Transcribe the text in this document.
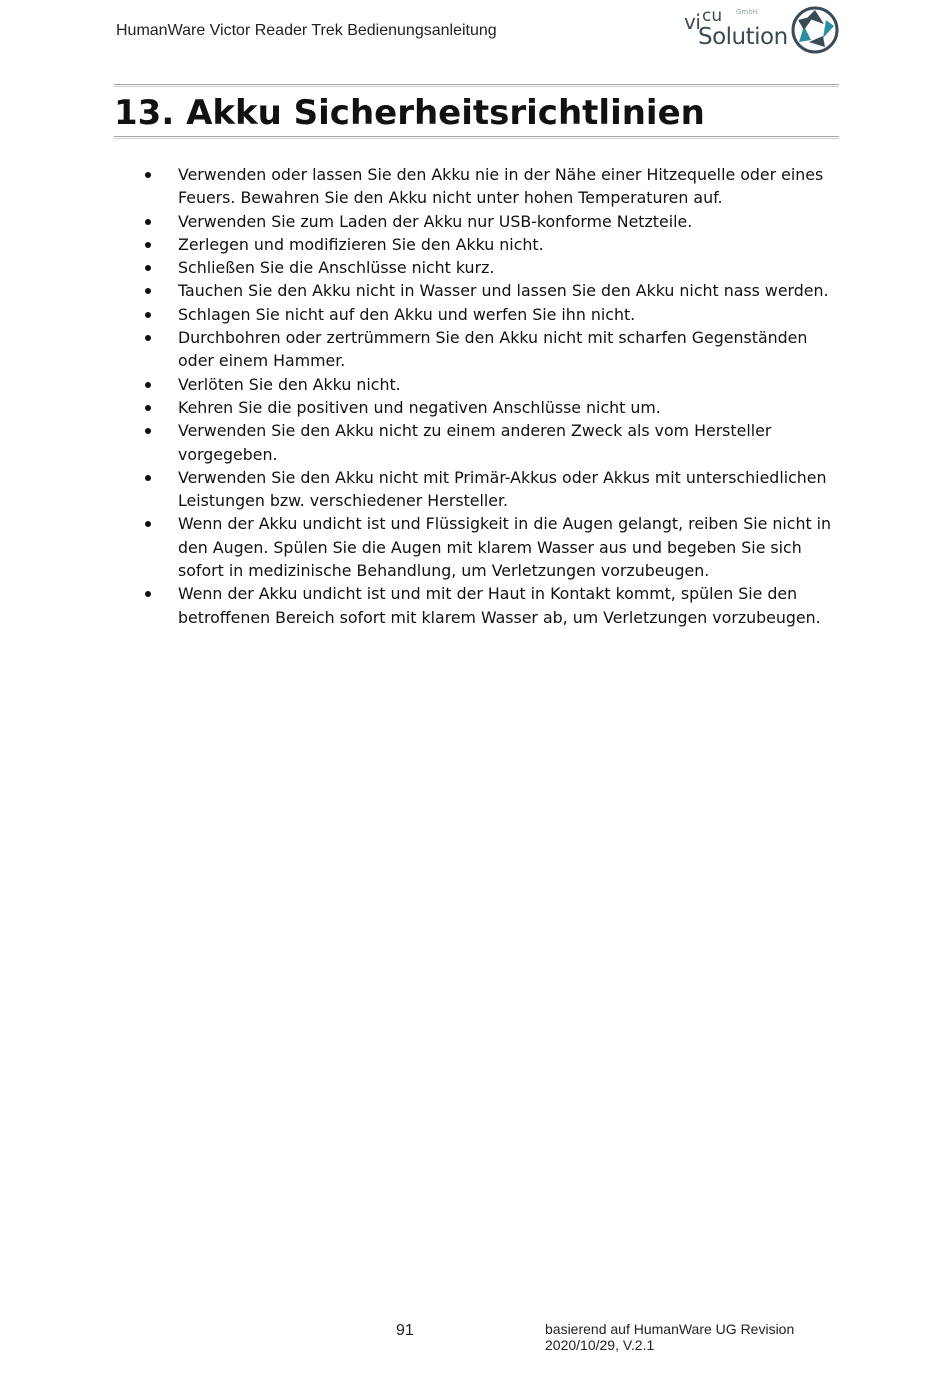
HumanWare Victor Reader Trek Bedienungsanleitung	vi cu GmbH
Solution
13. Akku Sicherheitsrichtlinien
Verwenden oder lassen Sie den Akku nie in der Nähe einer Hitzequelle oder eines Feuers. Bewahren Sie den Akku nicht unter hohen Temperaturen auf.
Verwenden Sie zum Laden der Akku nur USB-konforme Netzteile.
Zerlegen und modifizieren Sie den Akku nicht.
Schließen Sie die Anschlüsse nicht kurz.
Tauchen Sie den Akku nicht in Wasser und lassen Sie den Akku nicht nass werden.
Schlagen Sie nicht auf den Akku und werfen Sie ihn nicht.
Durchbohren oder zertrümmern Sie den Akku nicht mit scharfen Gegenständen oder einem Hammer.
Verlöten Sie den Akku nicht.
Kehren Sie die positiven und negativen Anschlüsse nicht um.
Verwenden Sie den Akku nicht zu einem anderen Zweck als vom Hersteller vorgegeben.
Verwenden Sie den Akku nicht mit Primär-Akkus oder Akkus mit unterschiedlichen Leistungen bzw. verschiedener Hersteller.
Wenn der Akku undicht ist und Flüssigkeit in die Augen gelangt, reiben Sie nicht in den Augen. Spülen Sie die Augen mit klarem Wasser aus und begeben Sie sich sofort in medizinische Behandlung, um Verletzungen vorzubeugen.
Wenn der Akku undicht ist und mit der Haut in Kontakt kommt, spülen Sie den betroffenen Bereich sofort mit klarem Wasser ab, um Verletzungen vorzubeugen.
91	basierend auf HumanWare UG Revision
2020/10/29, V.2.1
